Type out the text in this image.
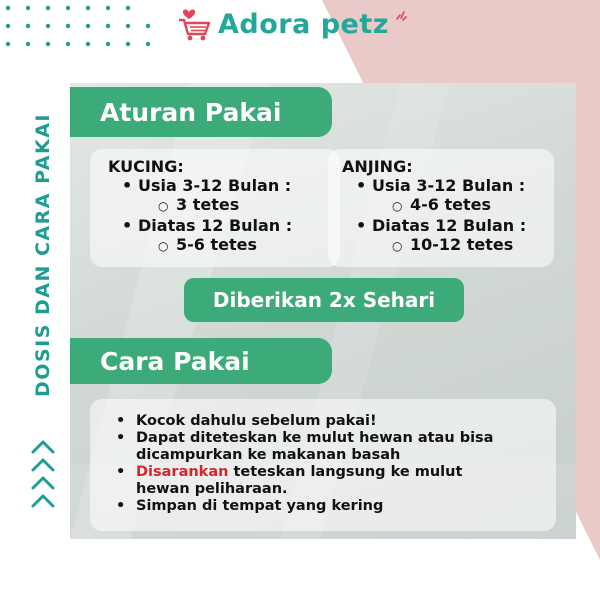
Adora petz
DOSIS DAN CARA PAKAI
Aturan Pakai
KUCING:
• Usia 3-12 Bulan :
○ 3 tetes
• Diatas 12 Bulan :
○ 5-6 tetes
ANJING:
• Usia 3-12 Bulan :
○ 4-6 tetes
• Diatas 12 Bulan :
○ 10-12 tetes
Diberikan 2x Sehari
Cara Pakai
• Kocok dahulu sebelum pakai!
• Dapat diteteskan ke mulut hewan atau bisa
dicampurkan ke makanan basah
• Disarankan teteskan langsung ke mulut
hewan peliharaan.
• Simpan di tempat yang kering
